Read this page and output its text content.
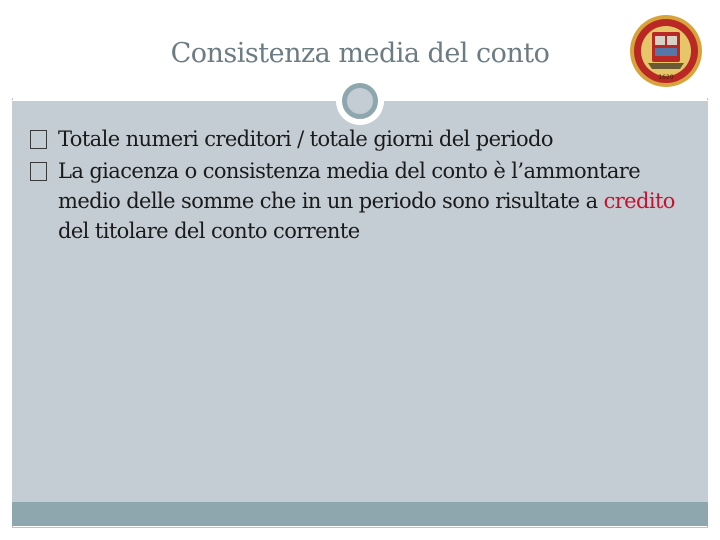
Consistenza media del conto
1620
Totale numeri creditori / totale giorni del periodo
La giacenza o consistenza media del conto è l’ammontare medio delle somme che in un periodo sono risultate a credito del titolare del conto corrente
